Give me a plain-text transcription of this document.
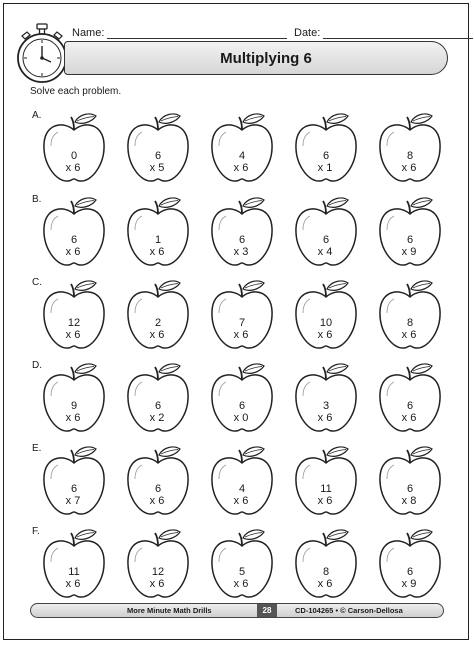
Name:	Date:
Multiplying 6
Solve each problem.
A.
0
x 6
6
x 5
4
x 6
6
x 1
8
x 6
B.
6
x 6
1
x 6
6
x 3
6
x 4
6
x 9
C.
12
x 6
2
x 6
7
x 6
10
x 6
8
x 6
D.
9
x 6
6
x 2
6
x 0
3
x 6
6
x 6
E.
6
x 7
6
x 6
4
x 6
11
x 6
6
x 8
F.
11
x 6
12
x 6
5
x 6
8
x 6
6
x 9
More Minute Math Drills	28	CD-104265 • © Carson-Dellosa
